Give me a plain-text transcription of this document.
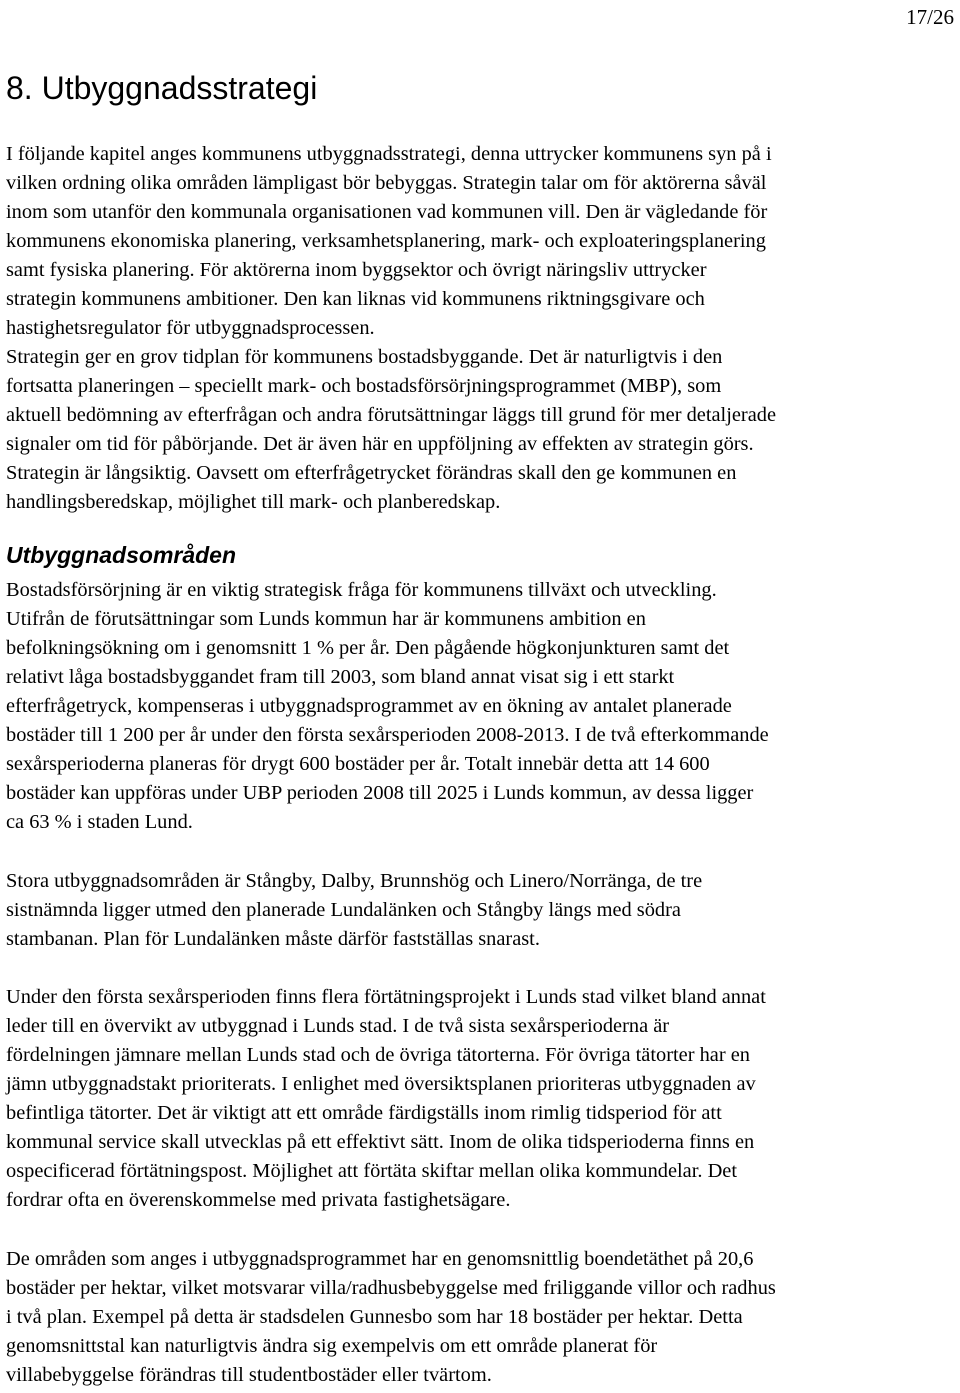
17/26
8. Utbyggnadsstrategi
I följande kapitel anges kommunens utbyggnadsstrategi, denna uttrycker kommunens syn på i
vilken ordning olika områden lämpligast bör bebyggas. Strategin talar om för aktörerna såväl
inom som utanför den kommunala organisationen vad kommunen vill. Den är vägledande för
kommunens ekonomiska planering, verksamhetsplanering, mark- och exploateringsplanering
samt fysiska planering. För aktörerna inom byggsektor och övrigt näringsliv uttrycker
strategin kommunens ambitioner. Den kan liknas vid kommunens riktningsgivare och
hastighetsregulator för utbyggnadsprocessen.
Strategin ger en grov tidplan för kommunens bostadsbyggande. Det är naturligtvis i den
fortsatta planeringen – speciellt mark- och bostadsförsörjningsprogrammet (MBP), som
aktuell bedömning av efterfrågan och andra förutsättningar läggs till grund för mer detaljerade
signaler om tid för påbörjande. Det är även här en uppföljning av effekten av strategin görs.
Strategin är långsiktig. Oavsett om efterfrågetrycket förändras skall den ge kommunen en
handlingsberedskap, möjlighet till mark- och planberedskap.
Utbyggnadsområden
Bostadsförsörjning är en viktig strategisk fråga för kommunens tillväxt och utveckling.
Utifrån de förutsättningar som Lunds kommun har är kommunens ambition en
befolkningsökning om i genomsnitt 1 % per år. Den pågående högkonjunkturen samt det
relativt låga bostadsbyggandet fram till 2003, som bland annat visat sig i ett starkt
efterfrågetryck, kompenseras i utbyggnadsprogrammet av en ökning av antalet planerade
bostäder till 1 200 per år under den första sexårsperioden 2008-2013. I de två efterkommande
sexårsperioderna planeras för drygt 600 bostäder per år. Totalt innebär detta att 14 600
bostäder kan uppföras under UBP perioden 2008 till 2025 i Lunds kommun, av dessa ligger
ca 63 % i staden Lund.
Stora utbyggnadsområden är Stångby, Dalby, Brunnshög och Linero/Norränga, de tre
sistnämnda ligger utmed den planerade Lundalänken och Stångby längs med södra
stambanan. Plan för Lundalänken måste därför fastställas snarast.
Under den första sexårsperioden finns flera förtätningsprojekt i Lunds stad vilket bland annat
leder till en övervikt av utbyggnad i Lunds stad. I de två sista sexårsperioderna är
fördelningen jämnare mellan Lunds stad och de övriga tätorterna. För övriga tätorter har en
jämn utbyggnadstakt prioriterats. I enlighet med översiktsplanen prioriteras utbyggnaden av
befintliga tätorter. Det är viktigt att ett område färdigställs inom rimlig tidsperiod för att
kommunal service skall utvecklas på ett effektivt sätt. Inom de olika tidsperioderna finns en
ospecificerad förtätningspost. Möjlighet att förtäta skiftar mellan olika kommundelar. Det
fordrar ofta en överenskommelse med privata fastighetsägare.
De områden som anges i utbyggnadsprogrammet har en genomsnittlig boendetäthet på 20,6
bostäder per hektar, vilket motsvarar villa/radhusbebyggelse med friliggande villor och radhus
i två plan. Exempel på detta är stadsdelen Gunnesbo som har 18 bostäder per hektar. Detta
genomsnittstal kan naturligtvis ändra sig exempelvis om ett område planerat för
villabebyggelse förändras till studentbostäder eller tvärtom.
